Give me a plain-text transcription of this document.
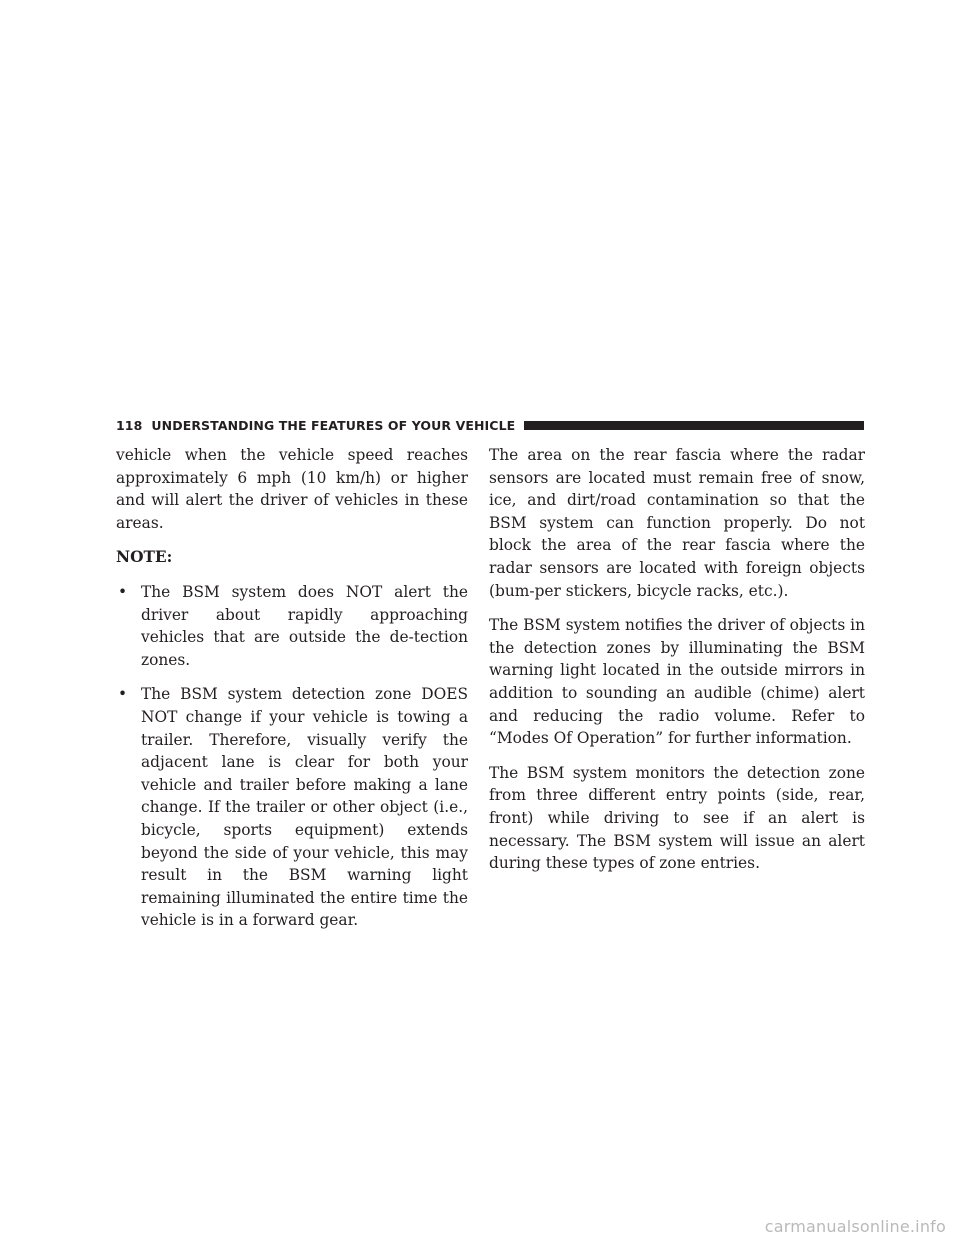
118 UNDERSTANDING THE FEATURES OF YOUR VEHICLE

vehicle when the vehicle speed reaches approximately 6 mph (10 km/h) or higher and will alert the driver of vehicles in these areas.

NOTE:

• The BSM system does NOT alert the driver about rapidly approaching vehicles that are outside the de-tection zones.
• The BSM system detection zone DOES NOT change if your vehicle is towing a trailer. Therefore, visually verify the adjacent lane is clear for both your vehicle and trailer before making a lane change. If the trailer or other object (i.e., bicycle, sports equipment) extends beyond the side of your vehicle, this may result in the BSM warning light remaining illuminated the entire time the vehicle is in a forward gear.

The area on the rear fascia where the radar sensors are located must remain free of snow, ice, and dirt/road contamination so that the BSM system can function properly. Do not block the area of the rear fascia where the radar sensors are located with foreign objects (bum-per stickers, bicycle racks, etc.).

The BSM system notifies the driver of objects in the detection zones by illuminating the BSM warning light located in the outside mirrors in addition to sounding an audible (chime) alert and reducing the radio volume. Refer to “Modes Of Operation” for further information.

The BSM system monitors the detection zone from three different entry points (side, rear, front) while driving to see if an alert is necessary. The BSM system will issue an alert during these types of zone entries.

carmanualsonline.info
